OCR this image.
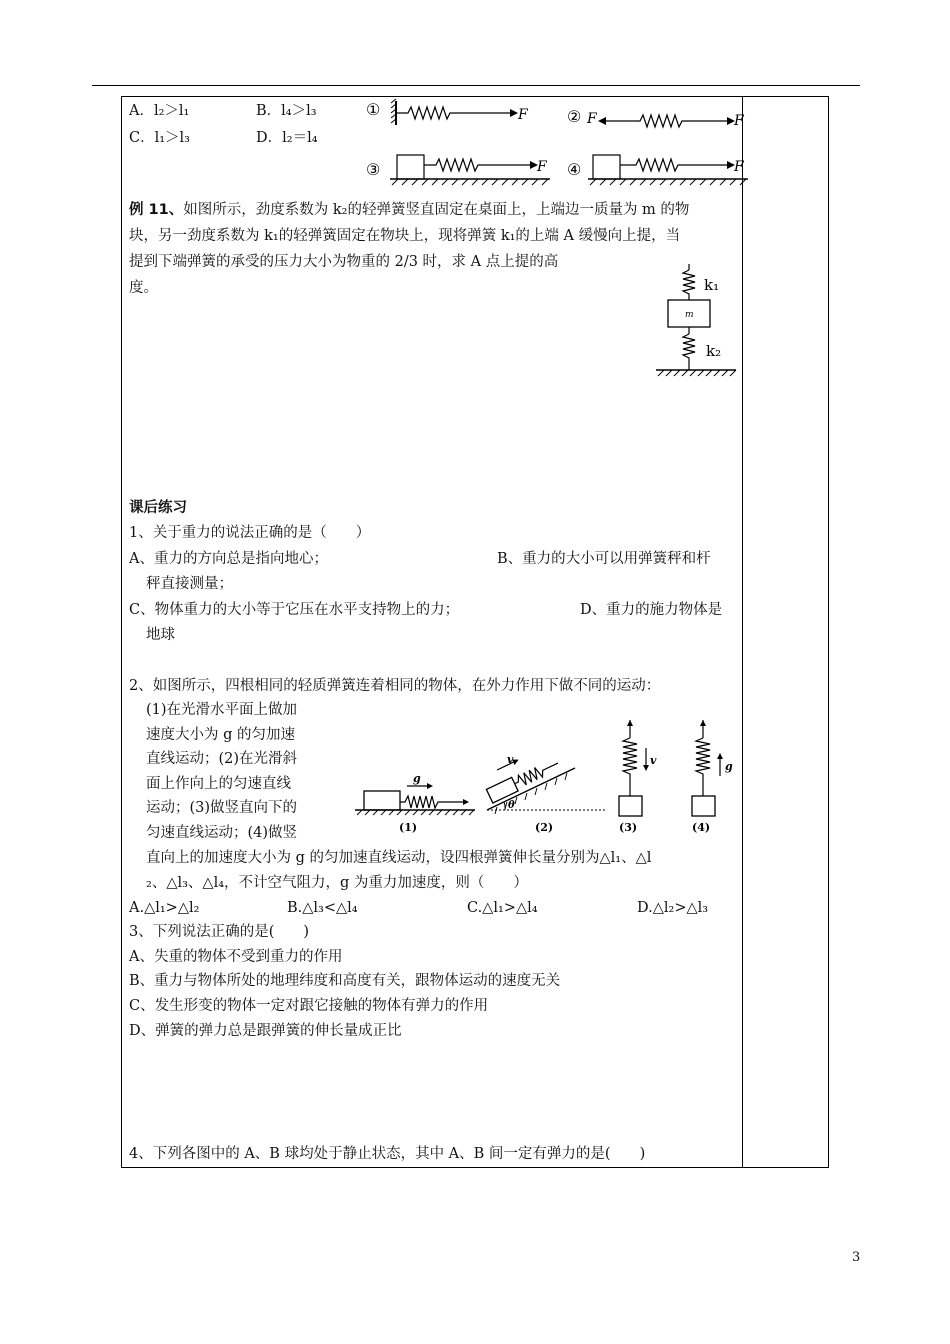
A．l₂＞l₁	B．l₄＞l₃
C．l₁＞l₃	D．l₂＝l₄
①	F ② F	F
③	F ④	F
例 11、如图所示，劲度系数为 k₂的轻弹簧竖直固定在桌面上，上端边一质量为 m 的物
块，另一劲度系数为 k₁的轻弹簧固定在物块上，现将弹簧 k₁的上端 A 缓慢向上提，当
提到下端弹簧的承受的压力大小为物重的 2/3 时，求 A 点上提的高
度。	k₁
m
k₂
课后练习
1、关于重力的说法正确的是（　　）
A、重力的方向总是指向地心；	B、重力的大小可以用弹簧秤和杆
秤直接测量；
C、物体重力的大小等于它压在水平支持物上的力；	D、重力的施力物体是
地球
2、如图所示，四根相同的轻质弹簧连着相同的物体，在外力作用下做不同的运动：
(1)在光滑水平面上做加
速度大小为 g 的匀加速
直线运动；(2)在光滑斜
面上作向上的匀速直线
运动；(3)做竖直向下的
匀速直线运动；(4)做竖
直向上的加速度大小为 g 的匀加速直线运动，设四根弹簧伸长量分别为△l₁、△l
₂、△l₃、△l₄，不计空气阻力，g 为重力加速度，则（　　）
A.△l₁>△l₂	B.△l₃<△l₄	C.△l₁>△l₄	D.△l₂>△l₃
g
(1)
v
θ
(2)
v
(3)
g
(4)
3、下列说法正确的是(　　)
A、失重的物体不受到重力的作用
B、重力与物体所处的地理纬度和高度有关，跟物体运动的速度无关
C、发生形变的物体一定对跟它接触的物体有弹力的作用
D、弹簧的弹力总是跟弹簧的伸长量成正比
4、下列各图中的 A、B 球均处于静止状态，其中 A、B 间一定有弹力的是(　　)
3
